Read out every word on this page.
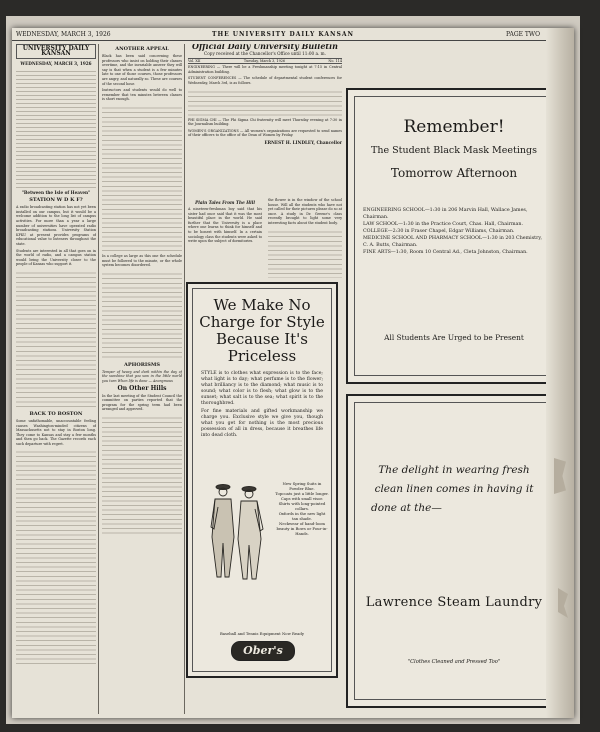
WEDNESDAY, MARCH 3, 1926	THE UNIVERSITY DAILY KANSAN	PAGE TWO
UNIVERSITY DAILY KANSAN
WEDNESDAY, MARCH 3, 1926
"Between the Isle of Heaven"
STATION W D K F?

A radio broadcasting station has not yet been installed on our campus, but it would be a welcome addition to the long list of campus activities. For more than a year a large number of universities have operated radio broadcasting stations. University Station KFKU at present provides programs of educational value to listeners throughout the state.

Students are interested in all that goes on in the world of radio, and a campus station would bring the University closer to the people of Kansas who support it.

BACK TO BOSTON

Some unfathomable, unaccountable feeling causes Washington-minded citizens of Massachusetts not to stay in Boston long. They come to Kansas and stay a few months and then go back. The Gazette records each such departure with regret.

ANOTHER APPEAL

Black has been said concerning these professors who insist on holding their classes overtime, and the invariable answer they will say is that when a student is a few minutes late to one of those courses, those professors are angry, and naturally so. These are courses of the second hour.

Instructors and students would do well to remember that ten minutes between classes is short enough.

In a college as large as this one the schedule must be followed to the minute, or the whole system becomes disordered.

APHORISMS

Temper of heavy and dark within the day of the sunshine that you sow in the little world you turn When life is done — Anonymous

On Other Hills

In the last meeting of the Student Council the committee on parties reported that the program for the spring term had been arranged and approved.

Official Daily University Bulletin
Copy received at the Chancellor's Office until 11:00 a. m.
Vol. XII	Tuesday, March 3, 1926	No. 114

ENGINEERING — There will be a Freshmanship meeting tonight at 7:15 in Central Administration building.

STUDENT CONFERENCES — The schedule of departmental student conferences for Wednesday, March 3rd, is as follows.

PHI SIGMA CHI — The Phi Sigma Chi fraternity will meet Thursday evening at 7:30 in the Journalism building.

WOMEN'S ORGANIZATIONS — All women's organizations are requested to send names of their officers to the office of the Dean of Women by Friday.

ERNEST H. LINDLEY, Chancellor
Plain Tales From The Hill

A nineteen-freshman boy said that his sister had once said that it was the most beautiful place in the world. He said further that the University is a place where one learns to think for himself and to be honest with himself. In a certain sociology class the students were asked to write upon the subject of dormitories.

the flower is in the window of the school house. Will all the students who have not yet called for their pictures please do so at once. A study in Dr. Greene's class recently brought to light some very interesting facts about the student body.

We Make No Charge for Style Because It's Priceless
STYLE is to clothes what expression is to the face; what light is to day; what perfume is to the flower; what brilliancy is to the diamond; what music is to sound; what color is to flesh; what glow is to the sunset; what salt is to the sea; what spirit is to the thoroughbred.
For fine materials and gifted workmanship we charge you. Exclusive style we give you, though what you get for nothing is the most precious possession of all in dress, because it breathes life into dead cloth.
New Spring Suits in Powder Blue.
Topcoats just a little longer.
Caps with small visor.
Shirts with long-pointed collars.
Oxfords in the new light tan shade.
Neckwear of hand-loom beauty in Bows or Four-in-Hands.
Baseball and Tennis Equipment Now Ready
Ober's
Remember!
The Student Black Mask Meetings
Tomorrow Afternoon
ENGINEERING SCHOOL—1:30 in 206 Marvin Hall, Wallace James, Chairman.
LAW SCHOOL—1:30 in the Practice Court, Chas. Hall, Chairman.
COLLEGE—2:30 in Fraser Chapel, Edgar Williams, Chairman.
MEDICINE SCHOOL AND PHARMACY SCHOOL—1:30 in 203 Chemistry, C. A. Butts, Chairman.
FINE ARTS—1:30, Room 10 Central Ad., Cleta Johnston, Chairman.
All Students Are Urged to be Present
The delight in wearing fresh
clean linen comes in having it
done at the—
Lawrence Steam Laundry
"Clothes Cleaned and Pressed Too"
